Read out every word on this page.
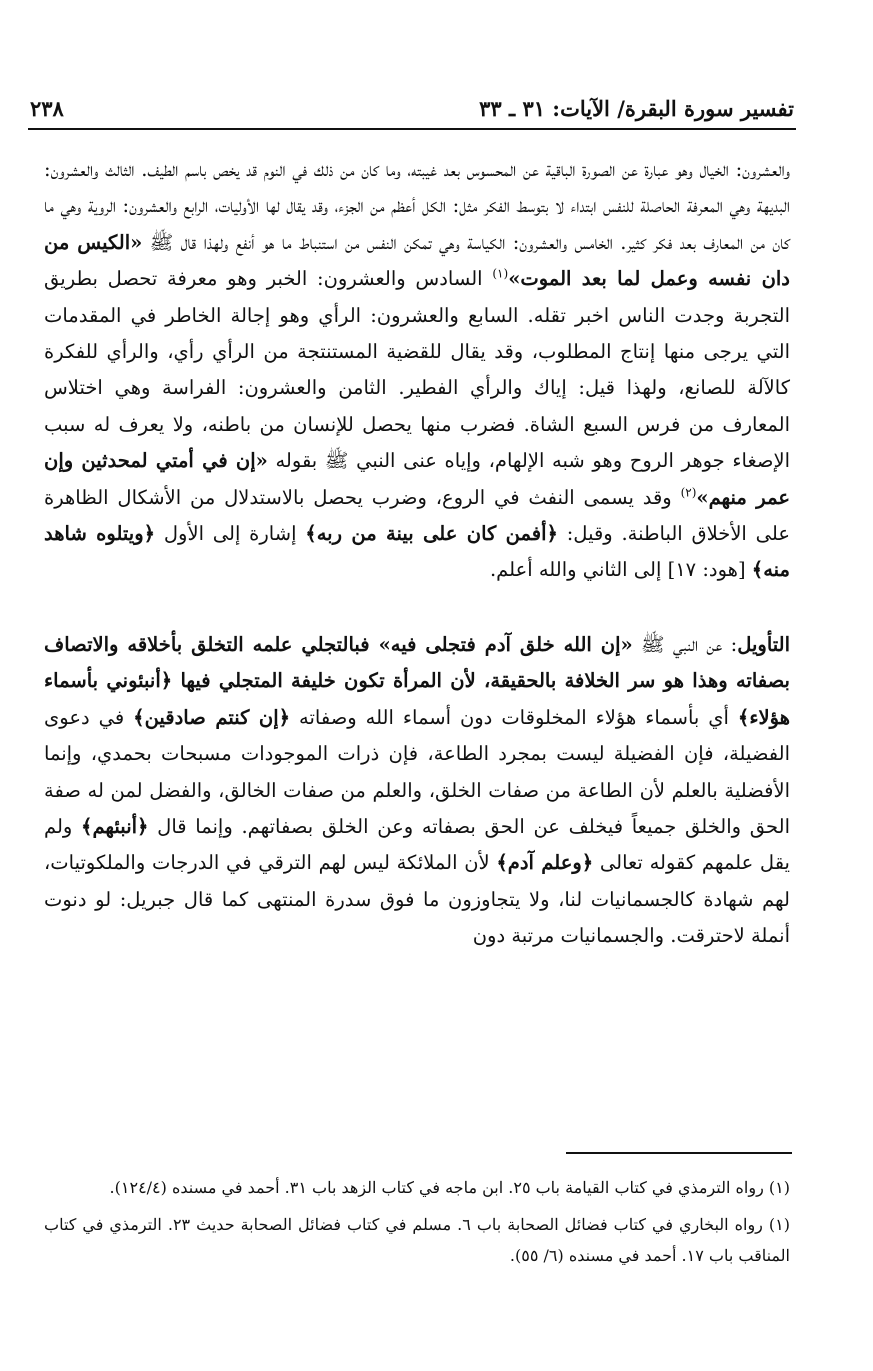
تفسير سورة البقرة/ الآيات: ٣١ ـ ٣٣
٢٣٨

والعشرون: الخيال وهو عبارة عن الصورة الباقية عن المحسوس بعد غيبته، وما كان من ذلك في النوم قد يخص باسم الطيف. الثالث والعشرون: البديهة وهي المعرفة الحاصلة للنفس ابتداء لا بتوسط الفكر مثل: الكل أعظم من الجزء، وقد يقال لها الأوليات، الرابع والعشرون: الروية وهي ما كان من المعارف بعد فكر كثير. الخامس والعشرون: الكياسة وهي تمكن النفس من استنباط ما هو أنفع ولهذا قال ﷺ «الكيس من دان نفسه وعمل لما بعد الموت»$^{(١)}$ السادس والعشرون: الخبر وهو معرفة تحصل بطريق التجربة وجدت الناس اخبر تقله. السابع والعشرون: الرأي وهو إجالة الخاطر في المقدمات التي يرجى منها إنتاج المطلوب، وقد يقال للقضية المستنتجة من الرأي رأي، والرأي للفكرة كالآلة للصانع، ولهذا قيل: إياك والرأي الفطير. الثامن والعشرون: الفراسة وهي اختلاس المعارف من فرس السبع الشاة. فضرب منها يحصل للإنسان من باطنه، ولا يعرف له سبب الإصغاء جوهر الروح وهو شبه الإلهام، وإياه عنى النبي ﷺ بقوله «إن في أمتي لمحدثين وإن عمر منهم»$^{(٢)}$ وقد يسمى النفث في الروع، وضرب يحصل بالاستدلال من الأشكال الظاهرة على الأخلاق الباطنة. وقيل: ﴿أفمن كان على بينة من ربه﴾ إشارة إلى الأول ﴿ويتلوه شاهد منه﴾ [هود: ١٧] إلى الثاني والله أعلم.

التأويل: عن النبي ﷺ «إن الله خلق آدم فتجلى فيه» فبالتجلي علمه التخلق بأخلاقه والاتصاف بصفاته وهذا هو سر الخلافة بالحقيقة، لأن المرأة تكون خليفة المتجلي فيها ﴿أنبئوني بأسماء هؤلاء﴾ أي بأسماء هؤلاء المخلوقات دون أسماء الله وصفاته ﴿إن كنتم صادقين﴾ في دعوى الفضيلة، فإن الفضيلة ليست بمجرد الطاعة، فإن ذرات الموجودات مسبحات بحمدي، وإنما الأفضلية بالعلم لأن الطاعة من صفات الخلق، والعلم من صفات الخالق، والفضل لمن له صفة الحق والخلق جميعاً فيخلف عن الحق بصفاته وعن الخلق بصفاتهم. وإنما قال ﴿أنبئهم﴾ ولم يقل علمهم كقوله تعالى ﴿وعلم آدم﴾ لأن الملائكة ليس لهم الترقي في الدرجات والملكوتيات، لهم شهادة كالجسمانيات لنا، ولا يتجاوزون ما فوق سدرة المنتهى كما قال جبريل: لو دنوت أنملة لاحترقت. والجسمانيات مرتبة دون

(١) رواه الترمذي في كتاب القيامة باب ٢٥. ابن ماجه في كتاب الزهد باب ٣١. أحمد في مسنده (١٢٤/٤).

(١) رواه البخاري في كتاب فضائل الصحابة باب ٦. مسلم في كتاب فضائل الصحابة حديث ٢٣. الترمذي في كتاب المناقب باب ١٧. أحمد في مسنده (٦/ ٥٥).
